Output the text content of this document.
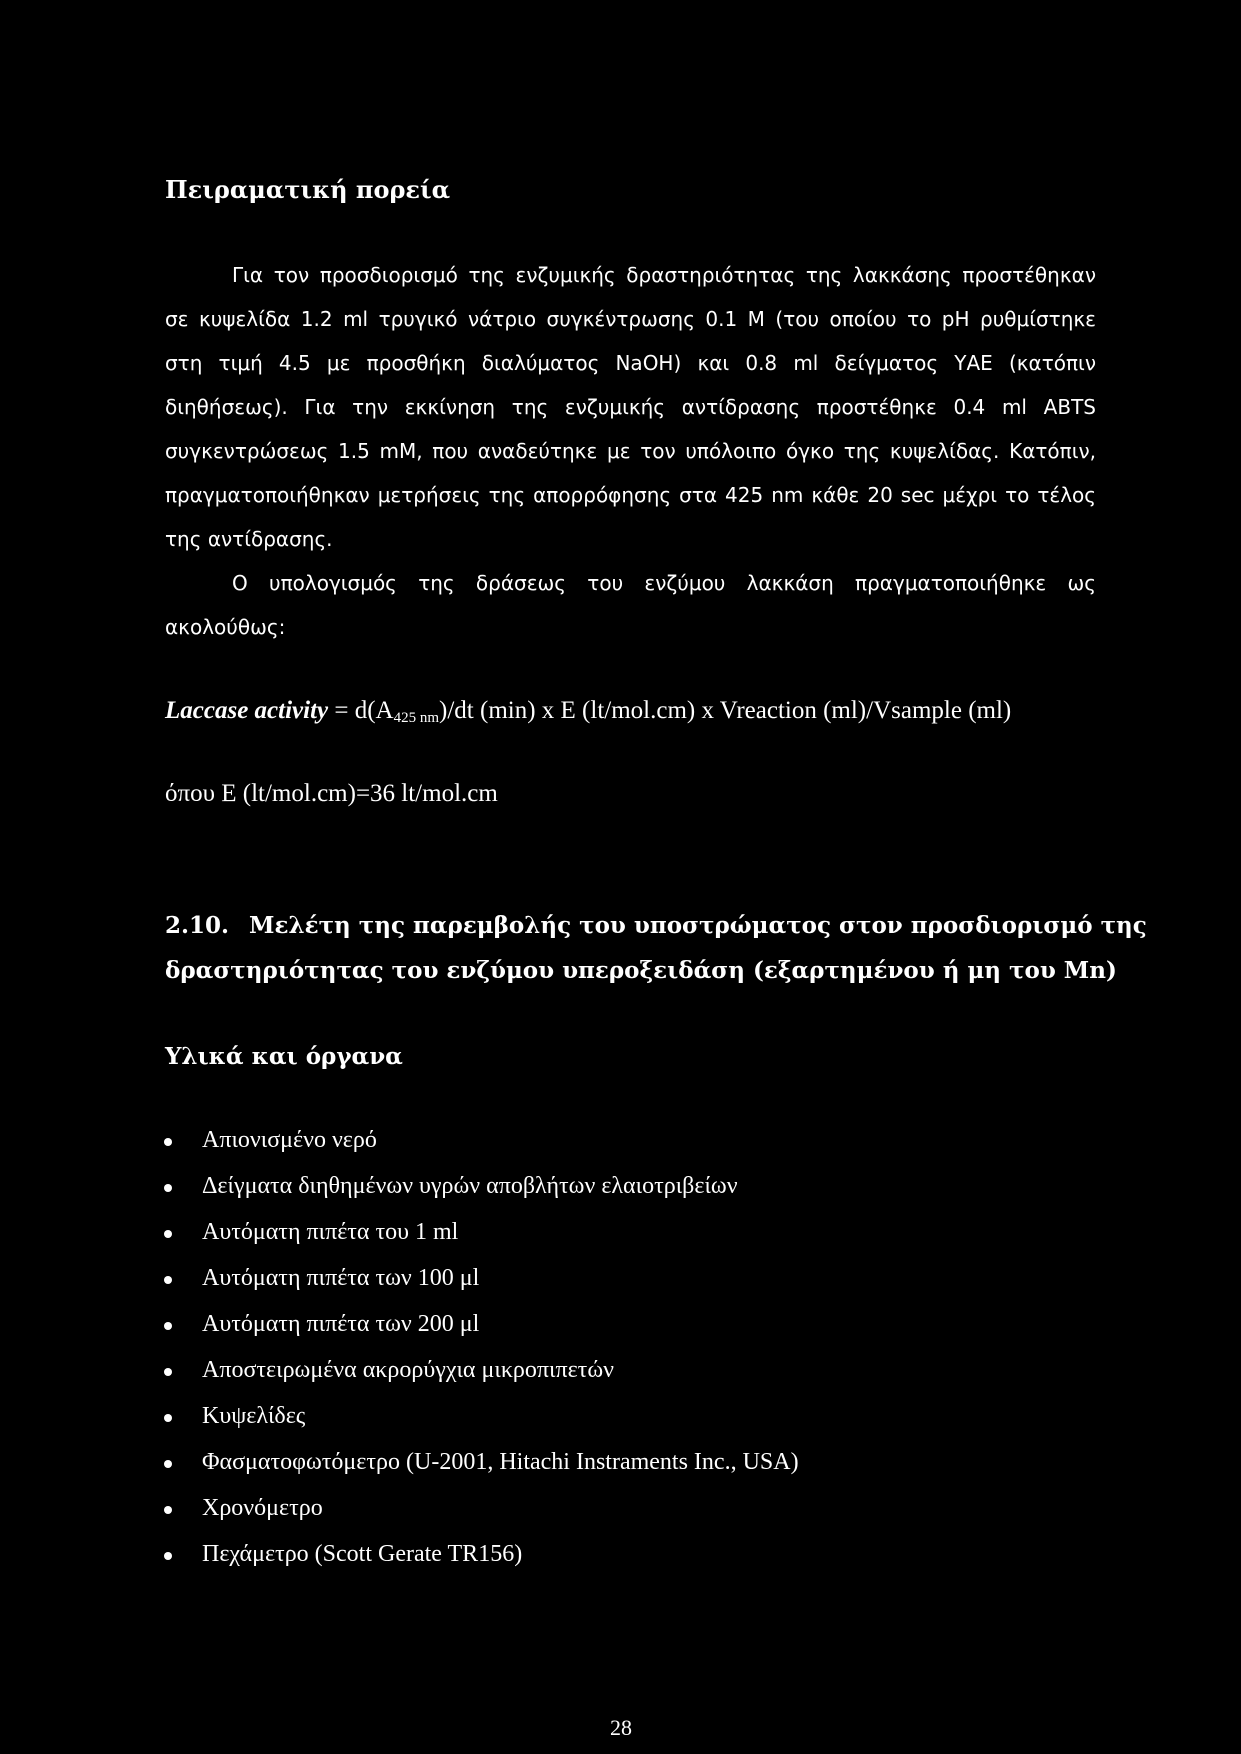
Πειραματική πορεία
Για τον προσδιορισμό της ενζυμικής δραστηριότητας της λακκάσης προστέθηκαν
σε κυψελίδα 1.2 ml τρυγικό νάτριο συγκέντρωσης 0.1 Μ (του οποίου το pH ρυθμίστηκε
στη τιμή 4.5 με προσθήκη διαλύματος NaOH) και 0.8 ml δείγματος ΥΑΕ (κατόπιν
διηθήσεως). Για την εκκίνηση της ενζυμικής αντίδρασης προστέθηκε 0.4 ml ABTS
συγκεντρώσεως 1.5 mM, που αναδεύτηκε με τον υπόλοιπο όγκο της κυψελίδας. Κατόπιν,
πραγματοποιήθηκαν μετρήσεις της απορρόφησης στα 425 nm κάθε 20 sec μέχρι το τέλος
της αντίδρασης.
Ο υπολογισμός της δράσεως του ενζύμου λακκάση πραγματοποιήθηκε ως
ακολούθως:
Laccase activity = $d(A_{425 nm})/dt$ (min) x E (lt/mol.cm) x Vreaction (ml)/Vsample (ml)
όπου Ε (lt/mol.cm)=36 lt/mol.cm
2.10. Μελέτη της παρεμβολής του υποστρώματος στον προσδιορισμό της
δραστηριότητας του ενζύμου υπεροξειδάση (εξαρτημένου ή μη του Mn)
Υλικά και όργανα
Απιονισμένο νερό
Δείγματα διηθημένων υγρών αποβλήτων ελαιοτριβείων
Αυτόματη πιπέτα του 1 ml
Αυτόματη πιπέτα των 100 μl
Αυτόματη πιπέτα των 200 μl
Αποστειρωμένα ακρορύγχια μικροπιπετών
Κυψελίδες
Φασματοφωτόμετρο (U-2001, Hitachi Instraments Inc., USA)
Χρονόμετρο
Πεχάμετρο (Scott Gerate TR156)
28
